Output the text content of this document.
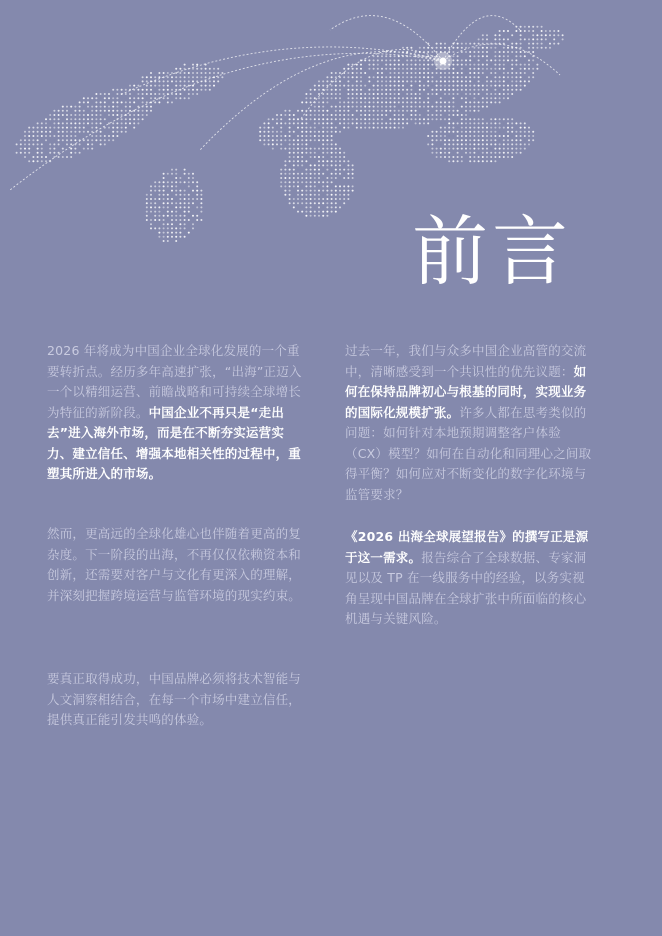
前言

2026 年将成为中国企业全球化发展的一个重要转折点。经历多年高速扩张，“出海”正迈入一个以精细运营、前瞻战略和可持续全球增长为特征的新阶段。中国企业不再只是“走出去”进入海外市场，而是在不断夯实运营实力、建立信任、增强本地相关性的过程中，重塑其所进入的市场。

然而，更高远的全球化雄心也伴随着更高的复杂度。下一阶段的出海，不再仅仅依赖资本和创新，还需要对客户与文化有更深入的理解，并深刻把握跨境运营与监管环境的现实约束。

要真正取得成功，中国品牌必须将技术智能与人文洞察相结合，在每一个市场中建立信任，提供真正能引发共鸣的体验。

过去一年，我们与众多中国企业高管的交流中，清晰感受到一个共识性的优先议题：如何在保持品牌初心与根基的同时，实现业务的国际化规模扩张。许多人都在思考类似的问题：如何针对本地预期调整客户体验（CX）模型？如何在自动化和同理心之间取得平衡？如何应对不断变化的数字化环境与监管要求？

《2026 出海全球展望报告》的撰写正是源于这一需求。报告综合了全球数据、专家洞见以及 TP 在一线服务中的经验，以务实视角呈现中国品牌在全球扩张中所面临的核心机遇与关键风险。
